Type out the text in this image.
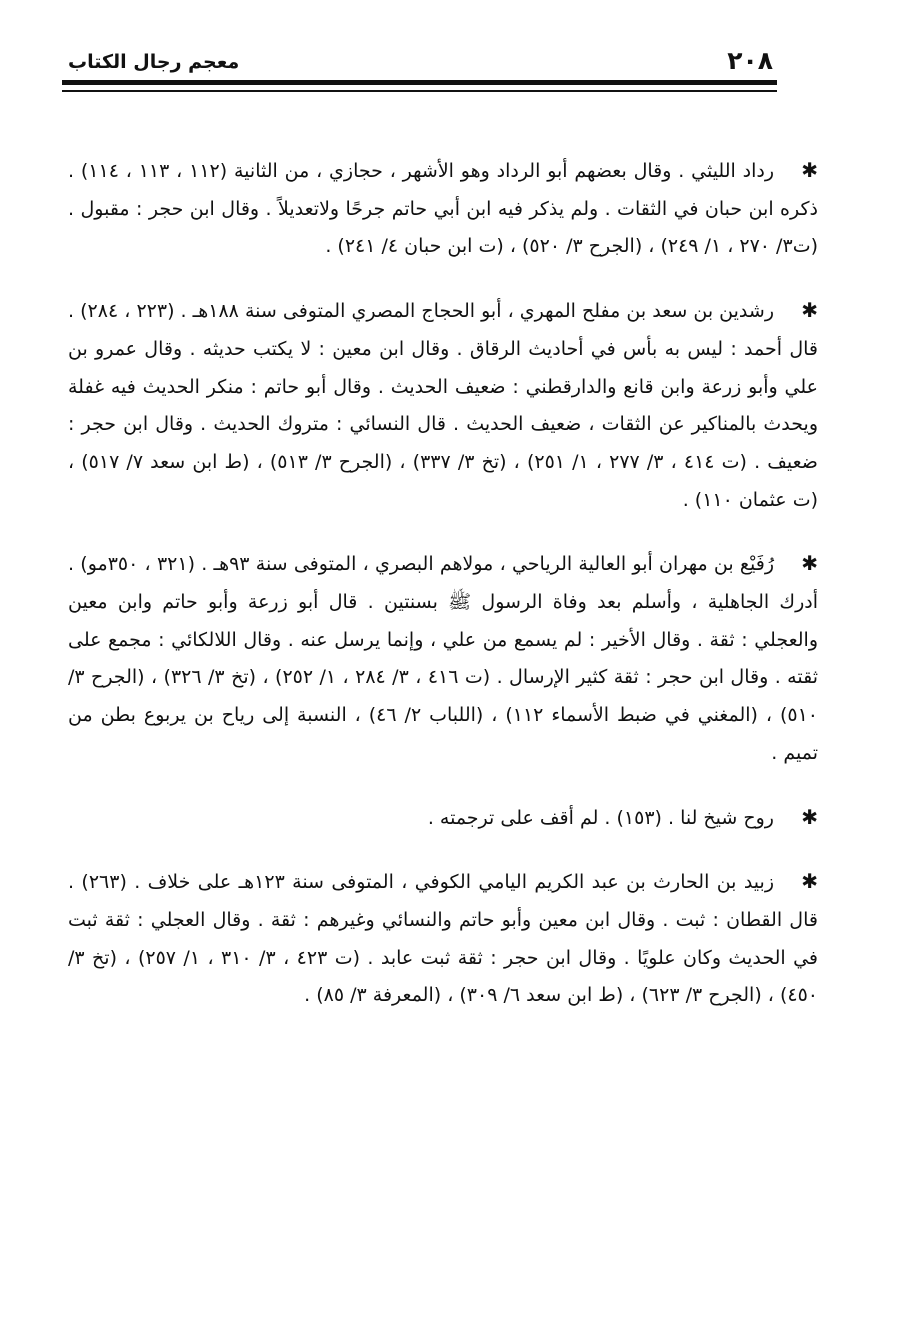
٢٠٨
معجم رجال الكتاب

✱رداد الليثي . وقال بعضهم أبو الرداد وهو الأشهر ، حجازي ، من الثانية (١١٢ ، ١١٣ ، ١١٤) . ذكره ابن حبان في الثقات . ولم يذكر فيه ابن أبي حاتم جرحًا ولاتعديلاً . وقال ابن حجر : مقبول . (ت٣/ ٢٧٠ ، ١/ ٢٤٩) ، (الجرح ٣/ ٥٢٠) ، (ت ابن حبان ٤/ ٢٤١) .

✱رشدين بن سعد بن مفلح المهري ، أبو الحجاج المصري المتوفى سنة ١٨٨هـ . (٢٢٣ ، ٢٨٤) . قال أحمد : ليس به بأس في أحاديث الرقاق . وقال ابن معين : لا يكتب حديثه . وقال عمرو بن علي وأبو زرعة وابن قانع والدارقطني : ضعيف الحديث . وقال أبو حاتم : منكر الحديث فيه غفلة ويحدث بالمناكير عن الثقات ، ضعيف الحديث . قال النسائي : متروك الحديث . وقال ابن حجر : ضعيف . (ت ٤١٤ ، ٣/ ٢٧٧ ، ١/ ٢٥١) ، (تخ ٣/ ٣٣٧) ، (الجرح ٣/ ٥١٣) ، (ط ابن سعد ٧/ ٥١٧) ، (ت عثمان ١١٠) .

✱رُفَيْع بن مهران أبو العالية الرياحي ، مولاهم البصري ، المتوفى سنة ٩٣هـ . (٣٢١ ، ٣٥٠مو) . أدرك الجاهلية ، وأسلم بعد وفاة الرسول ﷺ بسنتين . قال أبو زرعة وأبو حاتم وابن معين والعجلي : ثقة . وقال الأخير : لم يسمع من علي ، وإنما يرسل عنه . وقال اللالكائي : مجمع على ثقته . وقال ابن حجر : ثقة كثير الإرسال . (ت ٤١٦ ، ٣/ ٢٨٤ ، ١/ ٢٥٢) ، (تخ ٣/ ٣٢٦) ، (الجرح ٣/ ٥١٠) ، (المغني في ضبط الأسماء ١١٢) ، (اللباب ٢/ ٤٦) ، النسبة إلى رياح بن يربوع بطن من تميم .

✱روح شيخ لنا . (١٥٣) . لم أقف على ترجمته .

✱زبيد بن الحارث بن عبد الكريم اليامي الكوفي ، المتوفى سنة ١٢٣هـ على خلاف . (٢٦٣) . قال القطان : ثبت . وقال ابن معين وأبو حاتم والنسائي وغيرهم : ثقة . وقال العجلي : ثقة ثبت في الحديث وكان علويًا . وقال ابن حجر : ثقة ثبت عابد . (ت ٤٢٣ ، ٣/ ٣١٠ ، ١/ ٢٥٧) ، (تخ ٣/ ٤٥٠) ، (الجرح ٣/ ٦٢٣) ، (ط ابن سعد ٦/ ٣٠٩) ، (المعرفة ٣/ ٨٥) .
